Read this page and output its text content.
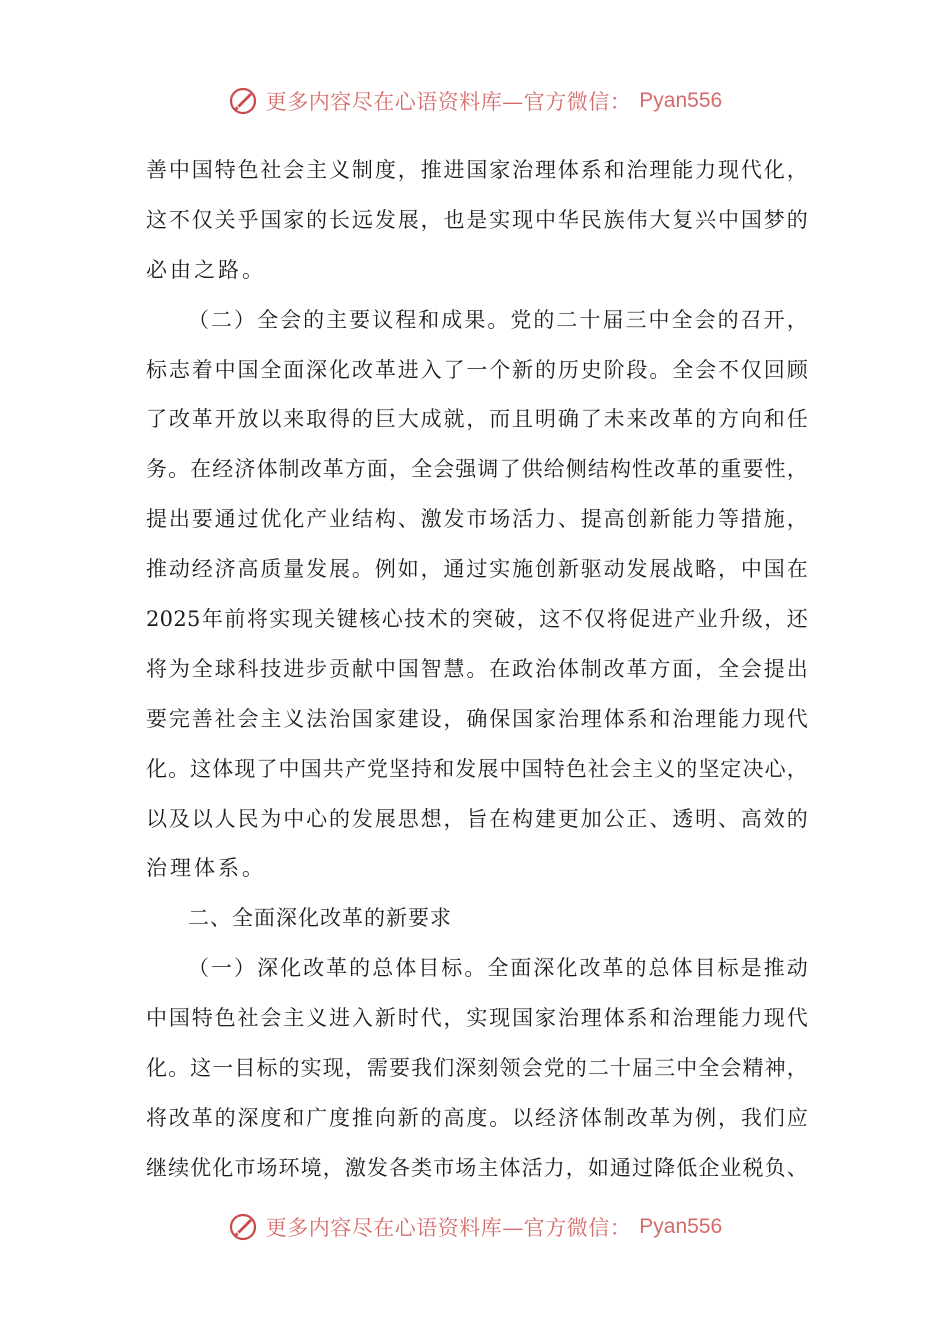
更多内容尽在心语资料库—官方微信： Pyan556
善中国特色社会主义制度，推进国家治理体系和治理能力现代化，
这不仅关乎国家的长远发展，也是实现中华民族伟大复兴中国梦的
必由之路。
（二）全会的主要议程和成果。党的二十届三中全会的召开，
标志着中国全面深化改革进入了一个新的历史阶段。全会不仅回顾
了改革开放以来取得的巨大成就，而且明确了未来改革的方向和任
务。在经济体制改革方面，全会强调了供给侧结构性改革的重要性，
提出要通过优化产业结构、激发市场活力、提高创新能力等措施，
推动经济高质量发展。例如，通过实施创新驱动发展战略，中国在
2025年前将实现关键核心技术的突破，这不仅将促进产业升级，还
将为全球科技进步贡献中国智慧。在政治体制改革方面，全会提出
要完善社会主义法治国家建设，确保国家治理体系和治理能力现代
化。这体现了中国共产党坚持和发展中国特色社会主义的坚定决心，
以及以人民为中心的发展思想，旨在构建更加公正、透明、高效的
治理体系。
二、全面深化改革的新要求
（一）深化改革的总体目标。全面深化改革的总体目标是推动
中国特色社会主义进入新时代，实现国家治理体系和治理能力现代
化。这一目标的实现，需要我们深刻领会党的二十届三中全会精神，
将改革的深度和广度推向新的高度。以经济体制改革为例，我们应
继续优化市场环境，激发各类市场主体活力，如通过降低企业税负、
更多内容尽在心语资料库—官方微信： Pyan556
